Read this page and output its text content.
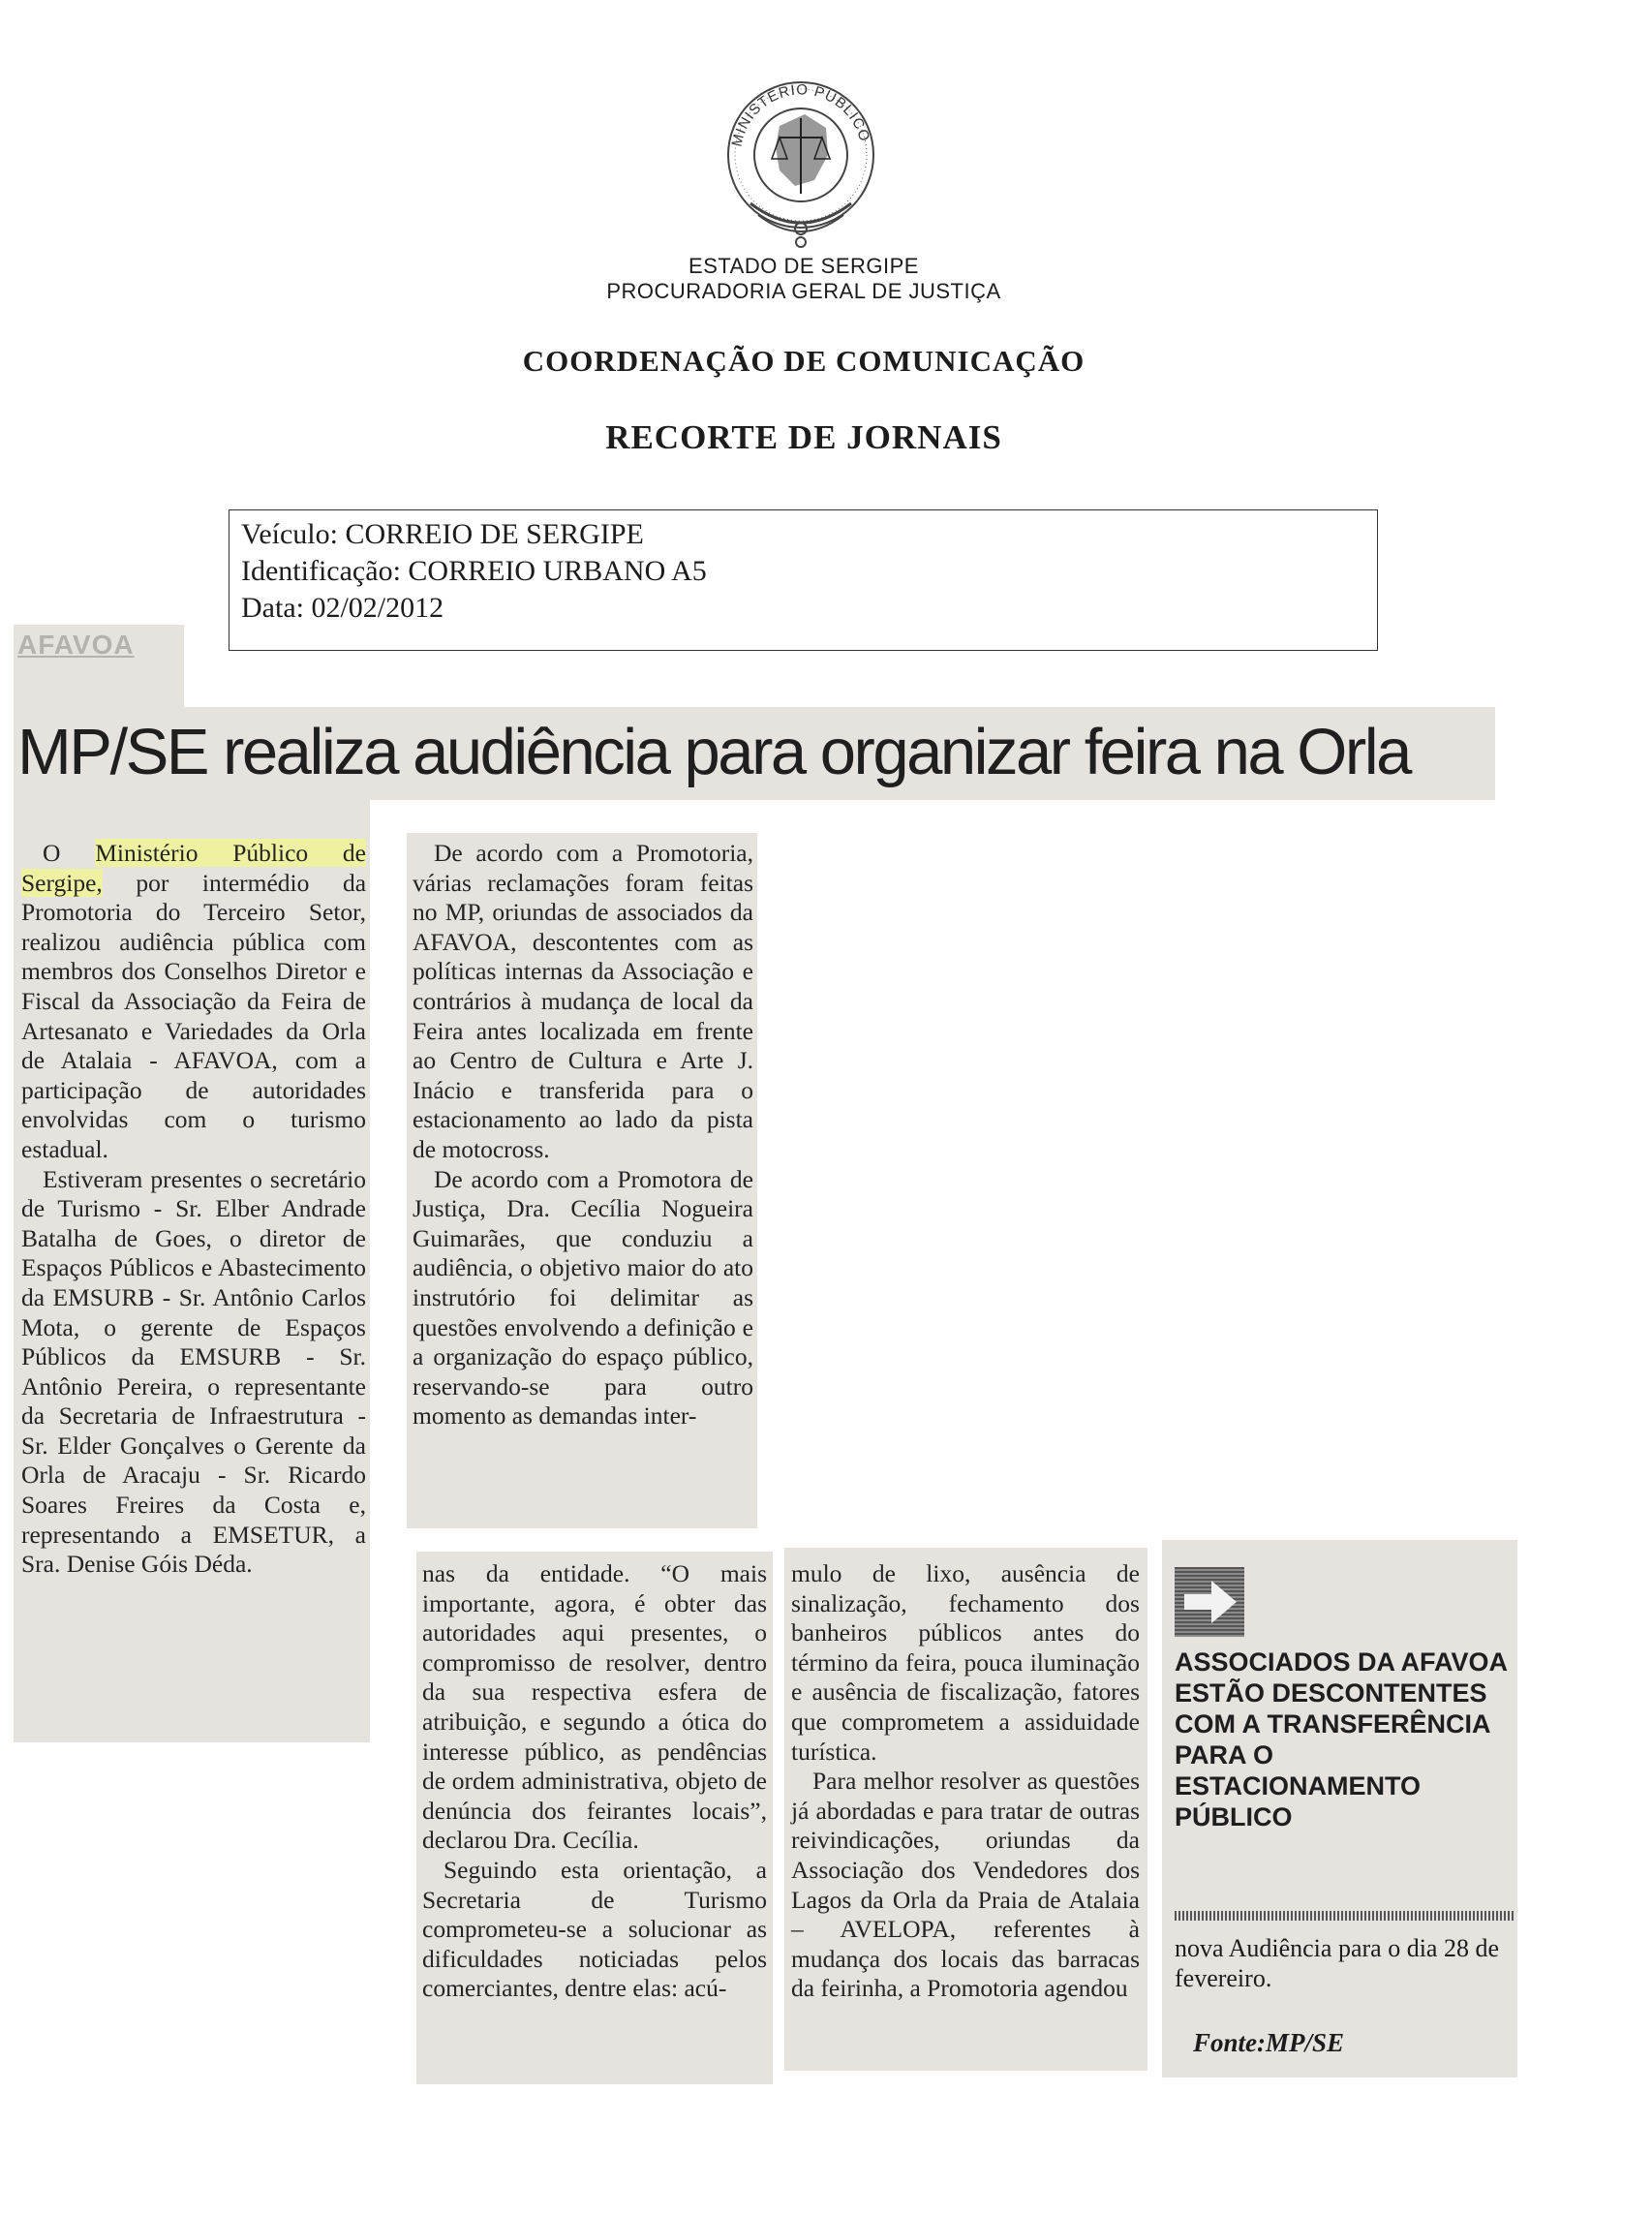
MINISTÉRIO PÚBLICO
ESTADO DE SERGIPE
PROCURADORIA GERAL DE JUSTIÇA
COORDENAÇÃO DE COMUNICAÇÃO
RECORTE DE JORNAIS
Veículo: CORREIO DE SERGIPE
Identificação: CORREIO URBANO A5
Data: 02/02/2012
AFAVOA
MP/SE realiza audiência para organizar feira na Orla

O Ministério Público de Sergipe, por intermédio da Promotoria do Terceiro Setor, realizou audiência pública com membros dos Conselhos Diretor e Fiscal da Associação da Feira de Artesanato e Variedades da Orla de Atalaia - AFAVOA, com a participação de autoridades envolvidas com o turismo estadual.

Estiveram presentes o secretário de Turismo - Sr. Elber Andrade Batalha de Goes, o diretor de Espaços Públicos e Abastecimento da EMSURB - Sr. Antônio Carlos Mota, o gerente de Espaços Públicos da EMSURB - Sr. Antônio Pereira, o representante da Secretaria de Infraestrutura - Sr. Elder Gonçalves o Gerente da Orla de Aracaju - Sr. Ricardo Soares Freires da Costa e, representando a EMSETUR, a Sra. Denise Góis Déda.

De acordo com a Promotoria, várias reclamações foram feitas no MP, oriundas de associados da AFAVOA, descontentes com as políticas internas da Associação e contrários à mudança de local da Feira antes localizada em frente ao Centro de Cultura e Arte J. Inácio e transferida para o estacionamento ao lado da pista de motocross.

De acordo com a Promotora de Justiça, Dra. Cecília Nogueira Guimarães, que conduziu a audiência, o objetivo maior do ato instrutório foi delimitar as questões envolvendo a definição e a organização do espaço público, reservando-se para outro momento as demandas inter-

nas da entidade. “O mais importante, agora, é obter das autoridades aqui presentes, o compromisso de resolver, dentro da sua respectiva esfera de atribuição, e segundo a ótica do interesse público, as pendências de ordem administrativa, objeto de denúncia dos feirantes locais”, declarou Dra. Cecília.

Seguindo esta orientação, a Secretaria de Turismo comprometeu-se a solucionar as dificuldades noticiadas pelos comerciantes, dentre elas: acú-

mulo de lixo, ausência de sinalização, fechamento dos banheiros públicos antes do término da feira, pouca iluminação e ausência de fiscalização, fatores que comprometem a assiduidade turística.

Para melhor resolver as questões já abordadas e para tratar de outras reivindicações, oriundas da Associação dos Vendedores dos Lagos da Orla da Praia de Atalaia – AVELOPA, referentes à mudança dos locais das barracas da feirinha, a Promotoria agendou

ASSOCIADOS DA AFAVOA ESTÃO DESCONTENTES COM A TRANSFERÊNCIA PARA O ESTACIONAMENTO PÚBLICO
nova Audiência para o dia 28 de fevereiro.
Fonte:MP/SE
